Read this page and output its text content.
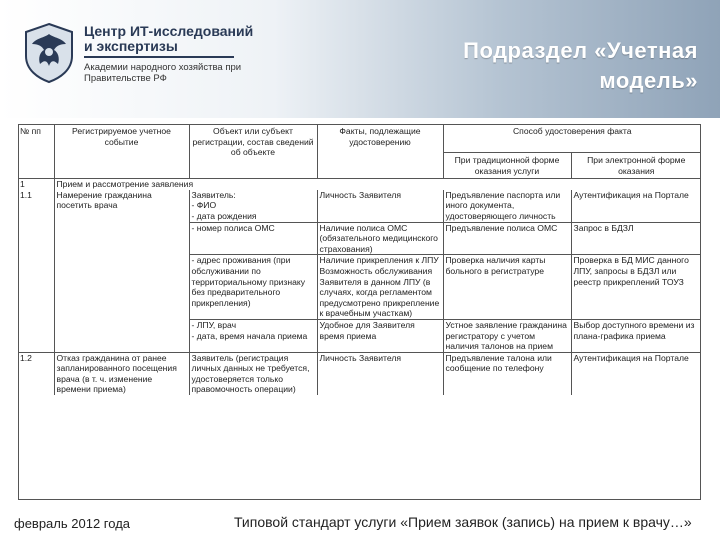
Центр ИТ-исследований и экспертизы
Академии народного хозяйства при Правительстве РФ
Подраздел «Учетная модель»
№ пп	Регистрируемое учетное событие	Объект или субъект регистрации, состав сведений об объекте	Факты, подлежащие удостоверению	Способ удостоверения факта	
				При традиционной форме оказания услуги	При электронной форме оказания
1	Прием и рассмотрение заявления				
1.1	Намерение гражданина посетить врача	Заявитель:
- ФИО
- дата рождения	Личность Заявителя	Предъявление паспорта или иного документа, удостоверяющего личность	Аутентификация на Портале
		- номер полиса ОМС	Наличие полиса ОМС (обязательного медицинского страхования)	Предъявление полиса ОМС	Запрос в БДЗЛ
		- адрес проживания (при обслуживании по территориальному признаку без предварительного прикрепления)	Наличие прикрепления к ЛПУ
Возможность обслуживания Заявителя в данном ЛПУ (в случаях, когда регламентом предусмотрено прикрепление к врачебным участкам)	Проверка наличия карты больного в регистратуре	Проверка в БД МИС данного ЛПУ, запросы в БДЗЛ или реестр прикреплений ТОУЗ
		- ЛПУ, врач
- дата, время начала приема	Удобное для Заявителя время приема	Устное заявление гражданина регистратору с учетом наличия талонов на прием	Выбор доступного времени из плана-графика приема
1.2	Отказ гражданина от ранее запланированного посещения врача (в т. ч. изменение времени приема)	Заявитель (регистрация личных данных не требуется, удостоверяется только правомочность операции)	Личность Заявителя	Предъявление талона или сообщение по телефону	Аутентификация на Портале
февраль 2012 года	Типовой стандарт услуги «Прием заявок (запись) на прием к врачу…»
